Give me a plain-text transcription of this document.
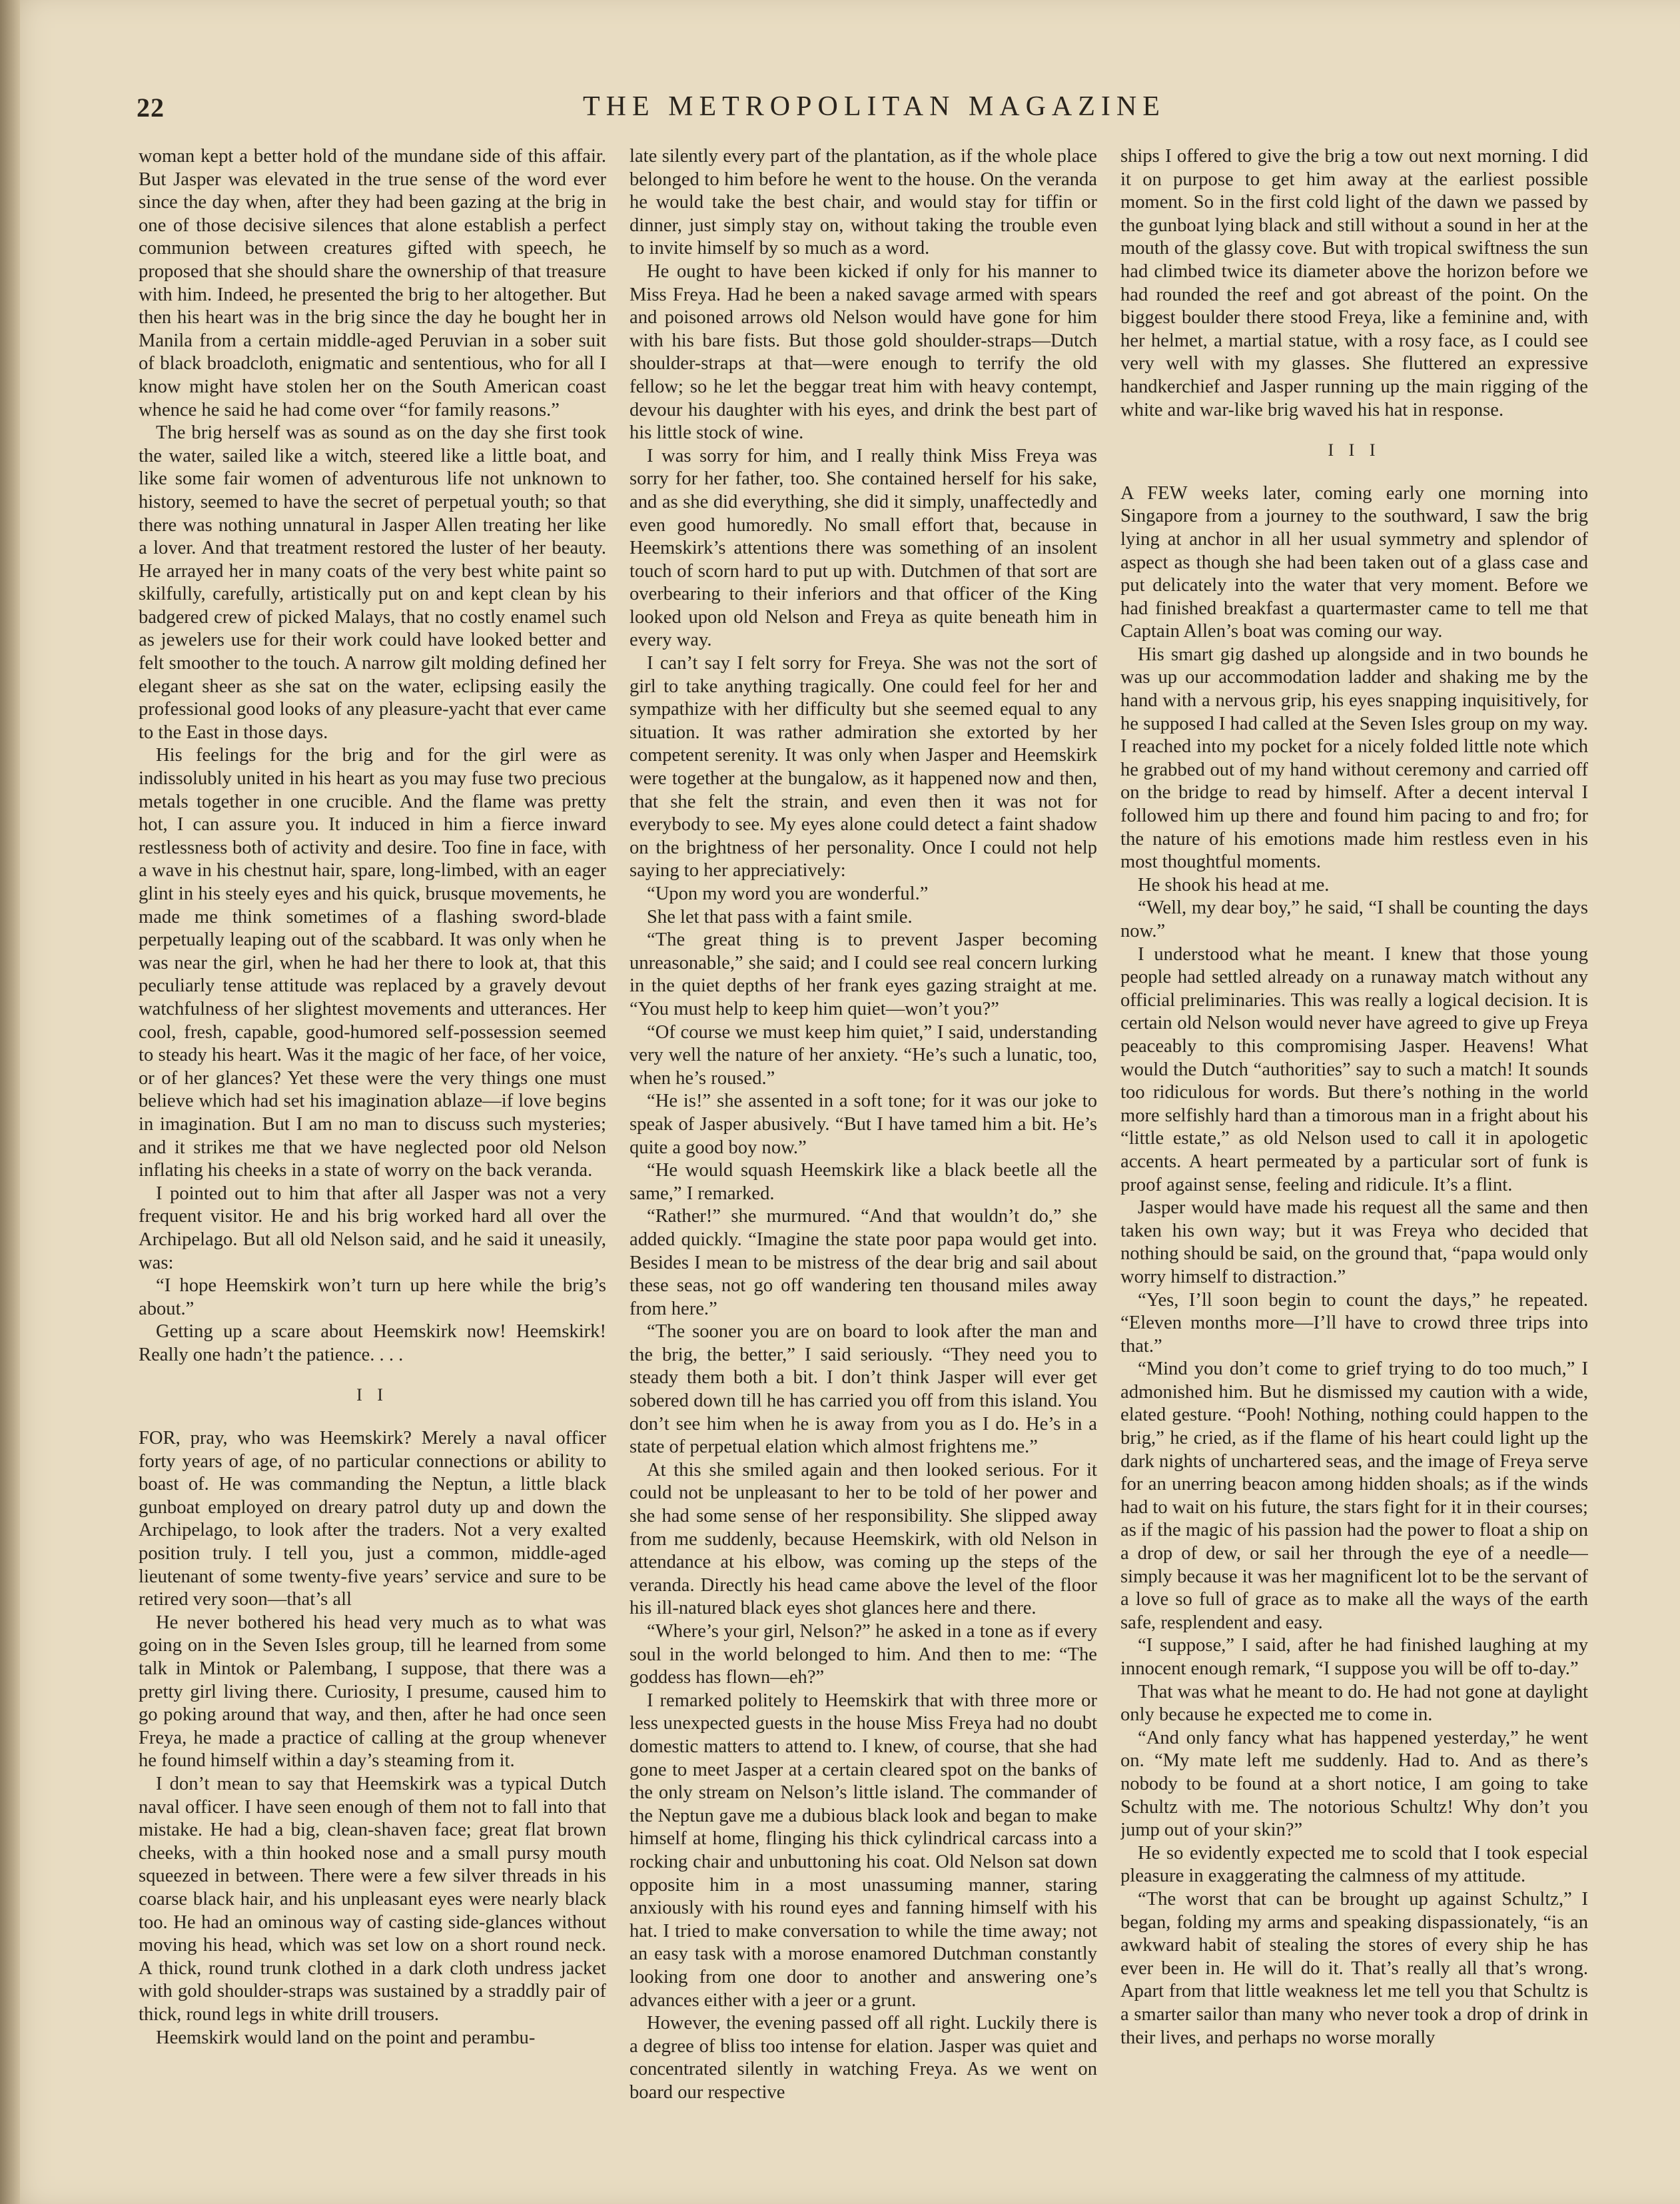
22	THE METROPOLITAN MAGAZINE

woman kept a better hold of the mundane side of this affair. But Jasper was elevated in the true sense of the word ever since the day when, after they had been gazing at the brig in one of those decisive silences that alone establish a perfect communion between creatures gifted with speech, he proposed that she should share the ownership of that treasure with him. Indeed, he presented the brig to her altogether. But then his heart was in the brig since the day he bought her in Manila from a certain middle-aged Peruvian in a sober suit of black broadcloth, enigmatic and sententious, who for all I know might have stolen her on the South American coast whence he said he had come over “for family reasons.”

The brig herself was as sound as on the day she first took the water, sailed like a witch, steered like a little boat, and like some fair women of adventurous life not unknown to history, seemed to have the secret of perpetual youth; so that there was nothing unnatural in Jasper Allen treating her like a lover. And that treatment restored the luster of her beauty. He arrayed her in many coats of the very best white paint so skilfully, carefully, artistically put on and kept clean by his badgered crew of picked Malays, that no costly enamel such as jewelers use for their work could have looked better and felt smoother to the touch. A narrow gilt molding defined her elegant sheer as she sat on the water, eclipsing easily the professional good looks of any pleasure-yacht that ever came to the East in those days.

His feelings for the brig and for the girl were as indissolubly united in his heart as you may fuse two precious metals together in one crucible. And the flame was pretty hot, I can assure you. It induced in him a fierce inward restlessness both of activity and desire. Too fine in face, with a wave in his chestnut hair, spare, long-limbed, with an eager glint in his steely eyes and his quick, brusque movements, he made me think sometimes of a flashing sword-blade perpetually leaping out of the scabbard. It was only when he was near the girl, when he had her there to look at, that this peculiarly tense attitude was replaced by a gravely devout watchfulness of her slightest movements and utterances. Her cool, fresh, capable, good-humored self-possession seemed to steady his heart. Was it the magic of her face, of her voice, or of her glances? Yet these were the very things one must believe which had set his imagination ablaze—if love begins in imagination. But I am no man to discuss such mysteries; and it strikes me that we have neglected poor old Nelson inflating his cheeks in a state of worry on the back veranda.

I pointed out to him that after all Jasper was not a very frequent visitor. He and his brig worked hard all over the Archipelago. But all old Nelson said, and he said it uneasily, was:

“I hope Heemskirk won’t turn up here while the brig’s about.”

Getting up a scare about Heemskirk now! Heemskirk! Really one hadn’t the patience. . . .

I I

FOR, pray, who was Heemskirk? Merely a naval officer forty years of age, of no particular connections or ability to boast of. He was commanding the Neptun, a little black gunboat employed on dreary patrol duty up and down the Archipelago, to look after the traders. Not a very exalted position truly. I tell you, just a common, middle-aged lieutenant of some twenty-five years’ service and sure to be retired very soon—that’s all

He never bothered his head very much as to what was going on in the Seven Isles group, till he learned from some talk in Mintok or Palembang, I suppose, that there was a pretty girl living there. Curiosity, I presume, caused him to go poking around that way, and then, after he had once seen Freya, he made a practice of calling at the group whenever he found himself within a day’s steaming from it.

I don’t mean to say that Heemskirk was a typical Dutch naval officer. I have seen enough of them not to fall into that mistake. He had a big, clean-shaven face; great flat brown cheeks, with a thin hooked nose and a small pursy mouth squeezed in between. There were a few silver threads in his coarse black hair, and his unpleasant eyes were nearly black too. He had an ominous way of casting side-glances without moving his head, which was set low on a short round neck. A thick, round trunk clothed in a dark cloth undress jacket with gold shoulder-straps was sustained by a straddly pair of thick, round legs in white drill trousers.

Heemskirk would land on the point and perambu-

late silently every part of the plantation, as if the whole place belonged to him before he went to the house. On the veranda he would take the best chair, and would stay for tiffin or dinner, just simply stay on, without taking the trouble even to invite himself by so much as a word.

He ought to have been kicked if only for his manner to Miss Freya. Had he been a naked savage armed with spears and poisoned arrows old Nelson would have gone for him with his bare fists. But those gold shoulder-straps—Dutch shoulder-straps at that—were enough to terrify the old fellow; so he let the beggar treat him with heavy contempt, devour his daughter with his eyes, and drink the best part of his little stock of wine.

I was sorry for him, and I really think Miss Freya was sorry for her father, too. She contained herself for his sake, and as she did everything, she did it simply, unaffectedly and even good humoredly. No small effort that, because in Heemskirk’s attentions there was something of an insolent touch of scorn hard to put up with. Dutchmen of that sort are overbearing to their inferiors and that officer of the King looked upon old Nelson and Freya as quite beneath him in every way.

I can’t say I felt sorry for Freya. She was not the sort of girl to take anything tragically. One could feel for her and sympathize with her difficulty but she seemed equal to any situation. It was rather admiration she extorted by her competent serenity. It was only when Jasper and Heemskirk were together at the bungalow, as it happened now and then, that she felt the strain, and even then it was not for everybody to see. My eyes alone could detect a faint shadow on the brightness of her personality. Once I could not help saying to her appreciatively:

“Upon my word you are wonderful.”

She let that pass with a faint smile.

“The great thing is to prevent Jasper becoming unreasonable,” she said; and I could see real concern lurking in the quiet depths of her frank eyes gazing straight at me. “You must help to keep him quiet—won’t you?”

“Of course we must keep him quiet,” I said, understanding very well the nature of her anxiety. “He’s such a lunatic, too, when he’s roused.”

“He is!” she assented in a soft tone; for it was our joke to speak of Jasper abusively. “But I have tamed him a bit. He’s quite a good boy now.”

“He would squash Heemskirk like a black beetle all the same,” I remarked.

“Rather!” she murmured. “And that wouldn’t do,” she added quickly. “Imagine the state poor papa would get into. Besides I mean to be mistress of the dear brig and sail about these seas, not go off wandering ten thousand miles away from here.”

“The sooner you are on board to look after the man and the brig, the better,” I said seriously. “They need you to steady them both a bit. I don’t think Jasper will ever get sobered down till he has carried you off from this island. You don’t see him when he is away from you as I do. He’s in a state of perpetual elation which almost frightens me.”

At this she smiled again and then looked serious. For it could not be unpleasant to her to be told of her power and she had some sense of her responsibility. She slipped away from me suddenly, because Heemskirk, with old Nelson in attendance at his elbow, was coming up the steps of the veranda. Directly his head came above the level of the floor his ill-natured black eyes shot glances here and there.

“Where’s your girl, Nelson?” he asked in a tone as if every soul in the world belonged to him. And then to me: “The goddess has flown—eh?”

I remarked politely to Heemskirk that with three more or less unexpected guests in the house Miss Freya had no doubt domestic matters to attend to. I knew, of course, that she had gone to meet Jasper at a certain cleared spot on the banks of the only stream on Nelson’s little island. The commander of the Neptun gave me a dubious black look and began to make himself at home, flinging his thick cylindrical carcass into a rocking chair and unbuttoning his coat. Old Nelson sat down opposite him in a most unassuming manner, staring anxiously with his round eyes and fanning himself with his hat. I tried to make conversation to while the time away; not an easy task with a morose enamored Dutchman constantly looking from one door to another and answering one’s advances either with a jeer or a grunt.

However, the evening passed off all right. Luckily there is a degree of bliss too intense for elation. Jasper was quiet and concentrated silently in watching Freya. As we went on board our respective

ships I offered to give the brig a tow out next morning. I did it on purpose to get him away at the earliest possible moment. So in the first cold light of the dawn we passed by the gunboat lying black and still without a sound in her at the mouth of the glassy cove. But with tropical swiftness the sun had climbed twice its diameter above the horizon before we had rounded the reef and got abreast of the point. On the biggest boulder there stood Freya, like a feminine and, with her helmet, a martial statue, with a rosy face, as I could see very well with my glasses. She fluttered an expressive handkerchief and Jasper running up the main rigging of the white and war-like brig waved his hat in response.

I I I

A FEW weeks later, coming early one morning into Singapore from a journey to the southward, I saw the brig lying at anchor in all her usual symmetry and splendor of aspect as though she had been taken out of a glass case and put delicately into the water that very moment. Before we had finished breakfast a quartermaster came to tell me that Captain Allen’s boat was coming our way.

His smart gig dashed up alongside and in two bounds he was up our accommodation ladder and shaking me by the hand with a nervous grip, his eyes snapping inquisitively, for he supposed I had called at the Seven Isles group on my way. I reached into my pocket for a nicely folded little note which he grabbed out of my hand without ceremony and carried off on the bridge to read by himself. After a decent interval I followed him up there and found him pacing to and fro; for the nature of his emotions made him restless even in his most thoughtful moments.

He shook his head at me.

“Well, my dear boy,” he said, “I shall be counting the days now.”

I understood what he meant. I knew that those young people had settled already on a runaway match without any official preliminaries. This was really a logical decision. It is certain old Nelson would never have agreed to give up Freya peaceably to this compromising Jasper. Heavens! What would the Dutch “authorities” say to such a match! It sounds too ridiculous for words. But there’s nothing in the world more selfishly hard than a timorous man in a fright about his “little estate,” as old Nelson used to call it in apologetic accents. A heart permeated by a particular sort of funk is proof against sense, feeling and ridicule. It’s a flint.

Jasper would have made his request all the same and then taken his own way; but it was Freya who decided that nothing should be said, on the ground that, “papa would only worry himself to distraction.”

“Yes, I’ll soon begin to count the days,” he repeated. “Eleven months more—I’ll have to crowd three trips into that.”

“Mind you don’t come to grief trying to do too much,” I admonished him. But he dismissed my caution with a wide, elated gesture. “Pooh! Nothing, nothing could happen to the brig,” he cried, as if the flame of his heart could light up the dark nights of unchartered seas, and the image of Freya serve for an unerring beacon among hidden shoals; as if the winds had to wait on his future, the stars fight for it in their courses; as if the magic of his passion had the power to float a ship on a drop of dew, or sail her through the eye of a needle—simply because it was her magnificent lot to be the servant of a love so full of grace as to make all the ways of the earth safe, resplendent and easy.

“I suppose,” I said, after he had finished laughing at my innocent enough remark, “I suppose you will be off to-day.”

That was what he meant to do. He had not gone at daylight only because he expected me to come in.

“And only fancy what has happened yesterday,” he went on. “My mate left me suddenly. Had to. And as there’s nobody to be found at a short notice, I am going to take Schultz with me. The notorious Schultz! Why don’t you jump out of your skin?”

He so evidently expected me to scold that I took especial pleasure in exaggerating the calmness of my attitude.

“The worst that can be brought up against Schultz,” I began, folding my arms and speaking dispassionately, “is an awkward habit of stealing the stores of every ship he has ever been in. He will do it. That’s really all that’s wrong. Apart from that little weakness let me tell you that Schultz is a smarter sailor than many who never took a drop of drink in their lives, and perhaps no worse morally
